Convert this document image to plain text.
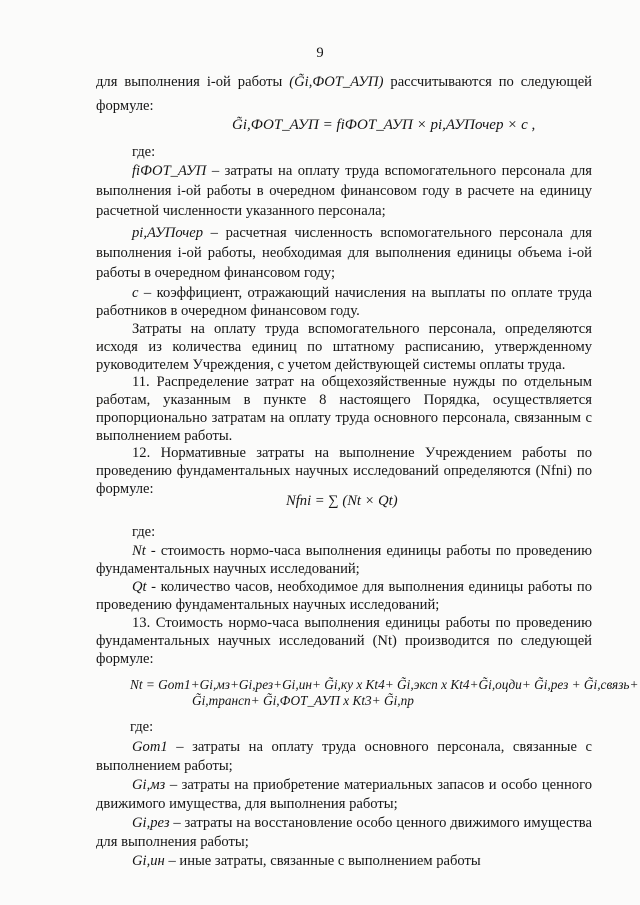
9
для выполнения i-ой работы (G̃i,ФОТ_АУП) рассчитываются по следующей
формуле:
G̃i,ФОТ_АУП = fiФОТ_АУП × pi,АУПочер × c ,
где:
fiФОТ_АУП – затраты на оплату труда вспомогательного персонала для выполнения i-ой работы в очередном финансовом году в расчете на единицу расчетной численности указанного персонала;
pi,АУПочер – расчетная численность вспомогательного персонала для выполнения i-ой работы, необходимая для выполнения единицы объема i-ой работы в очередном финансовом году;
c – коэффициент, отражающий начисления на выплаты по оплате труда работников в очередном финансовом году.
Затраты на оплату труда вспомогательного персонала, определяются исходя из количества единиц по штатному расписанию, утвержденному руководителем Учреждения, с учетом действующей системы оплаты труда.
11. Распределение затрат на общехозяйственные нужды по отдельным работам, указанным в пункте 8 настоящего Порядка, осуществляется пропорционально затратам на оплату труда основного персонала, связанным с выполнением работы.
12. Нормативные затраты на выполнение Учреждением работы по проведению фундаментальных научных исследований определяются (Nfni) по формуле:
Nfni = ∑ (Nt × Qt)
где:
Nt - стоимость нормо-часа выполнения единицы работы по проведению фундаментальных научных исследований;
Qt - количество часов, необходимое для выполнения единицы работы по проведению фундаментальных научных исследований;
13. Стоимость нормо-часа выполнения единицы работы по проведению фундаментальных научных исследований (Nt) производится по следующей формуле:
Nt = Gот1+Gi,мз+Gi,рез+Gi,ин+ G̃i,ку x Kt4+ G̃i,эксп x Kt4+G̃i,оцди+ G̃i,рез + G̃i,связь+
G̃i,трансп+ G̃i,ФОТ_АУП x Kt3+ G̃i,пр
где:
Gот1 – затраты на оплату труда основного персонала, связанные с выполнением работы;
Gi,мз – затраты на приобретение материальных запасов и особо ценного движимого имущества, для выполнения работы;
Gi,рез – затраты на восстановление особо ценного движимого имущества для выполнения работы;
Gi,ин – иные затраты, связанные с выполнением работы
